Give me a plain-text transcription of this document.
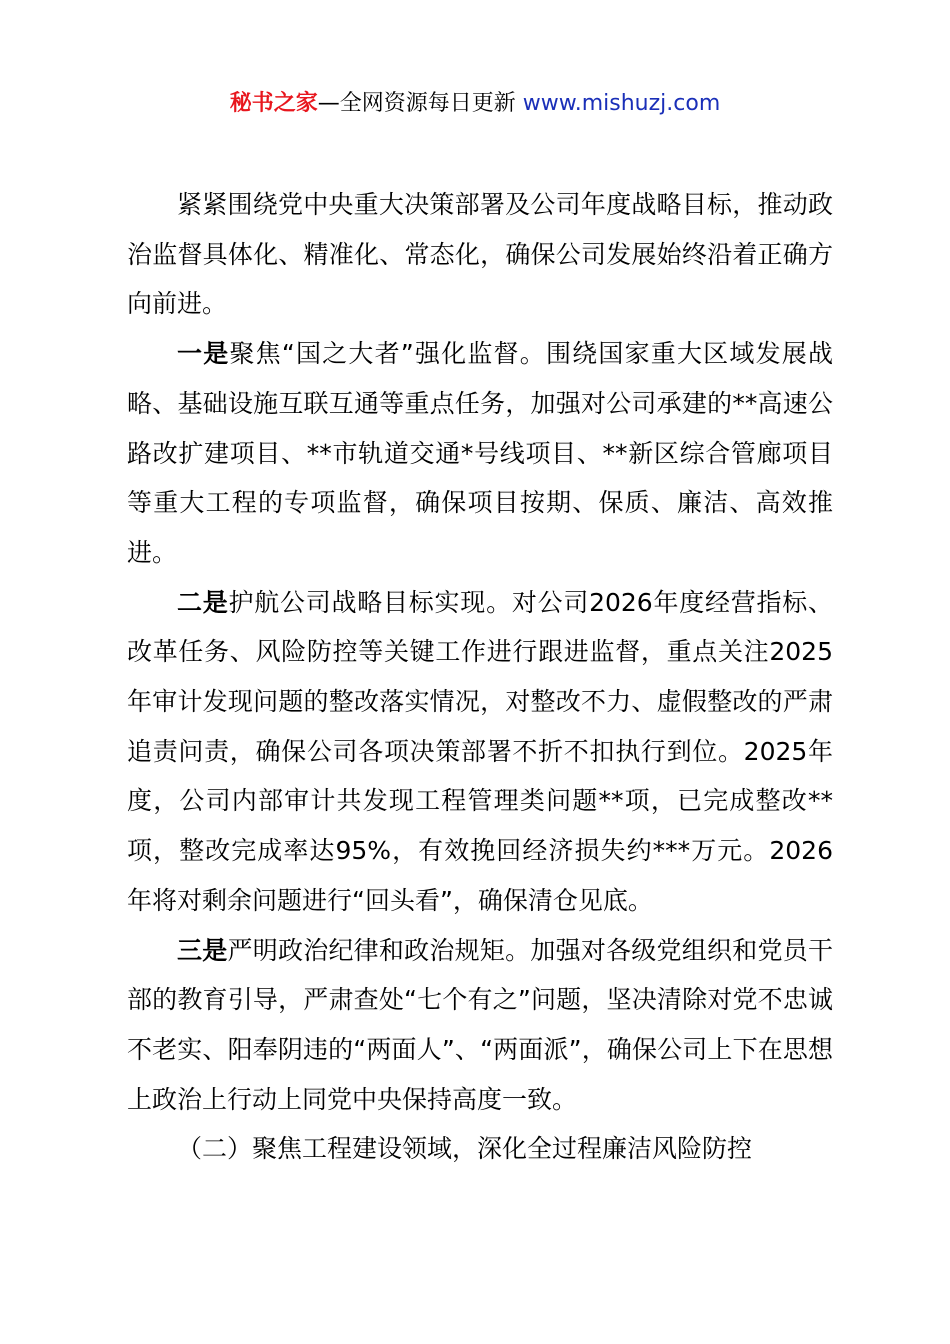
秘书之家—全网资源每日更新 www.mishuzj.com

紧紧围绕党中央重大决策部署及公司年度战略目标，推动政治监督具体化、精准化、常态化，确保公司发展始终沿着正确方向前进。

一是聚焦“国之大者”强化监督。围绕国家重大区域发展战略、基础设施互联互通等重点任务，加强对公司承建的**高速公路改扩建项目、**市轨道交通*号线项目、**新区综合管廊项目等重大工程的专项监督，确保项目按期、保质、廉洁、高效推进。

二是护航公司战略目标实现。对公司2026年度经营指标、改革任务、风险防控等关键工作进行跟进监督，重点关注2025年审计发现问题的整改落实情况，对整改不力、虚假整改的严肃追责问责，确保公司各项决策部署不折不扣执行到位。2025年度，公司内部审计共发现工程管理类问题**项，已完成整改**项，整改完成率达95%，有效挽回经济损失约***万元。2026年将对剩余问题进行“回头看”，确保清仓见底。

三是严明政治纪律和政治规矩。加强对各级党组织和党员干部的教育引导，严肃查处“七个有之”问题，坚决清除对党不忠诚不老实、阳奉阴违的“两面人”、“两面派”，确保公司上下在思想上政治上行动上同党中央保持高度一致。

（二）聚焦工程建设领域，深化全过程廉洁风险防控
